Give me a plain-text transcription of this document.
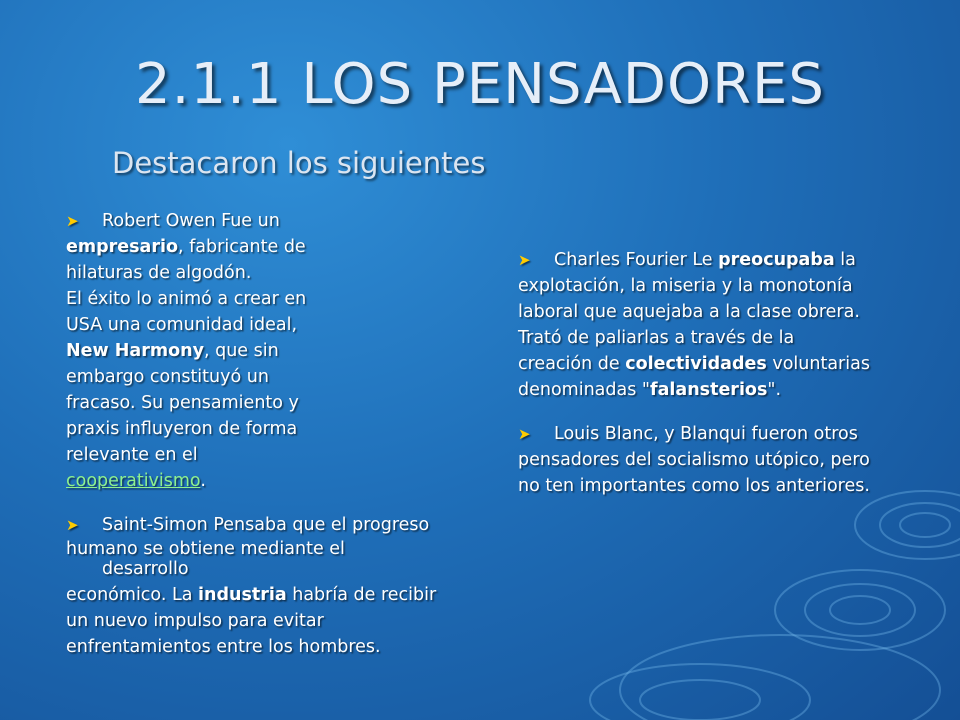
2.1.1 LOS PENSADORES
Destacaron los siguientes
➤ Robert Owen Fue un
empresario, fabricante de
hilaturas de algodón.
El éxito lo animó a crear en
USA una comunidad ideal,
New Harmony, que sin
embargo constituyó un
fracaso. Su pensamiento y
praxis influyeron de forma
relevante en el
cooperativismo.
➤ Saint-Simon Pensaba que el progreso
humano se obtiene mediante el
desarrollo
económico. La industria habría de recibir
un nuevo impulso para evitar
enfrentamientos entre los hombres.
➤ Charles Fourier Le preocupaba la
explotación, la miseria y la monotonía
laboral que aquejaba a la clase obrera.
Trató de paliarlas a través de la
creación de colectividades voluntarias
denominadas "falansterios".
➤ Louis Blanc, y Blanqui fueron otros
pensadores del socialismo utópico, pero
no ten importantes como los anteriores.
